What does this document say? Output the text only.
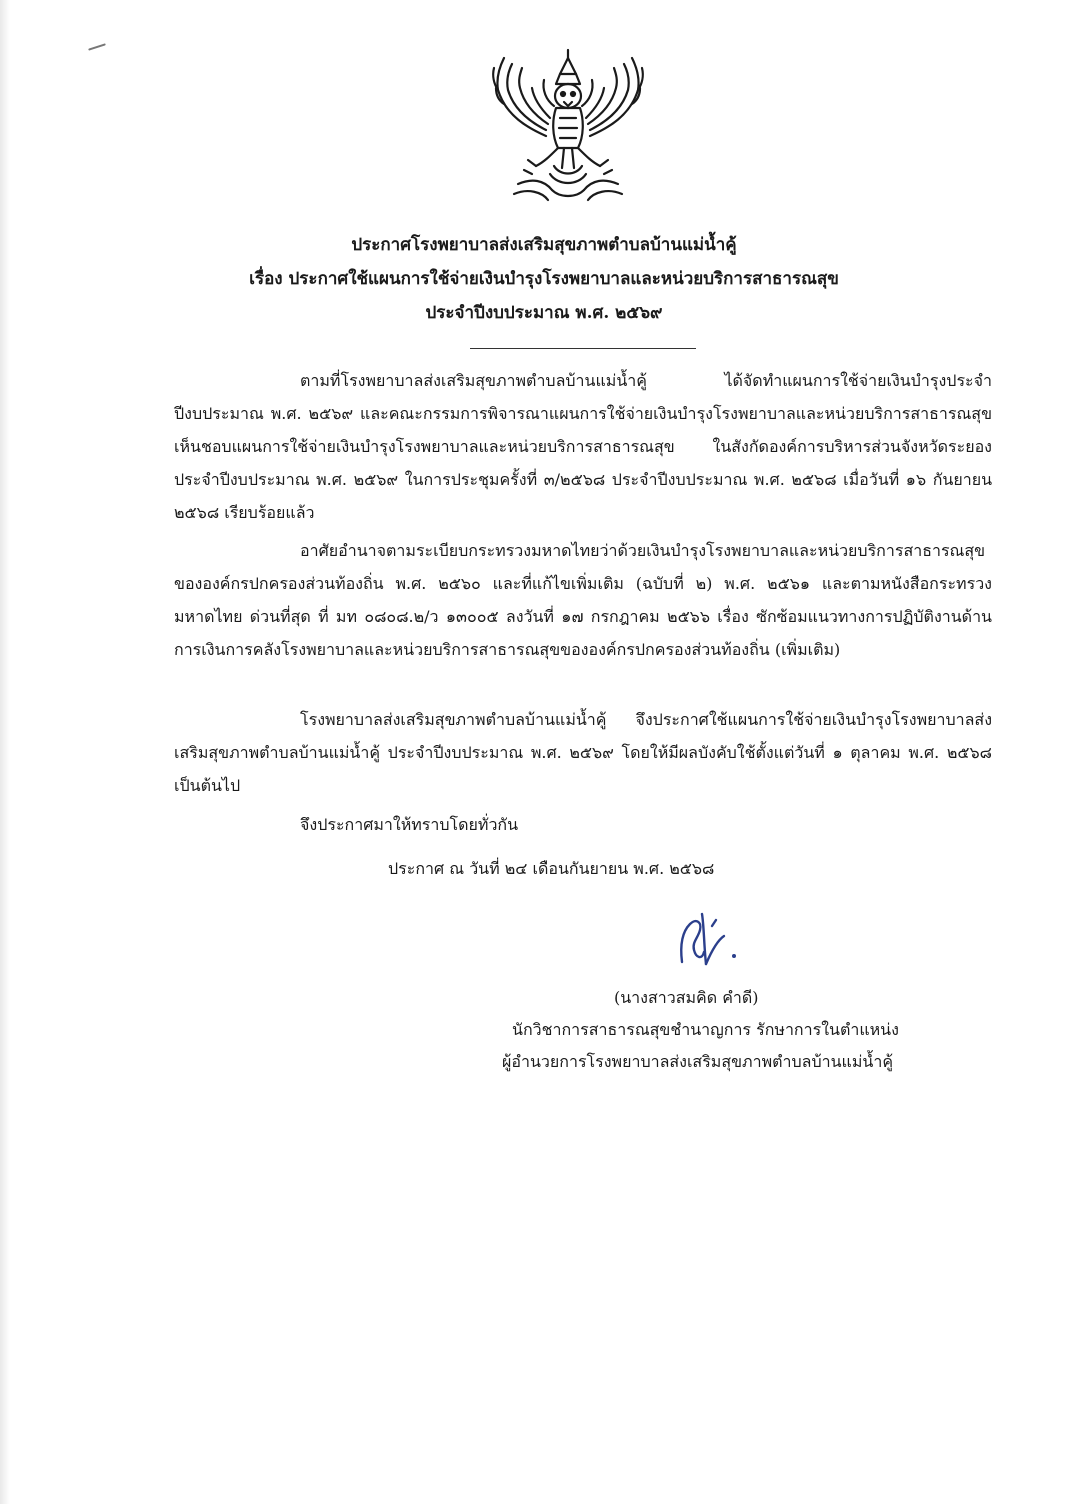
ประกาศโรงพยาบาลส่งเสริมสุขภาพตำบลบ้านแม่น้ำคู้
เรื่อง ประกาศใช้แผนการใช้จ่ายเงินบำรุงโรงพยาบาลและหน่วยบริการสาธารณสุข
ประจำปีงบประมาณ พ.ศ. ๒๕๖๙

ตามที่โรงพยาบาลส่งเสริมสุขภาพตำบลบ้านแม่น้ำคู้ ได้จัดทำแผนการใช้จ่ายเงินบำรุงประจำปีงบประมาณ พ.ศ. ๒๕๖๙ และคณะกรรมการพิจารณาแผนการใช้จ่ายเงินบำรุงโรงพยาบาลและหน่วยบริการสาธารณสุขเห็นชอบแผนการใช้จ่ายเงินบำรุงโรงพยาบาลและหน่วยบริการสาธารณสุข ในสังกัดองค์การบริหารส่วนจังหวัดระยอง ประจำปีงบประมาณ พ.ศ. ๒๕๖๙ ในการประชุมครั้งที่ ๓/๒๕๖๘ ประจำปีงบประมาณ พ.ศ. ๒๕๖๘ เมื่อวันที่ ๑๖ กันยายน ๒๕๖๘ เรียบร้อยแล้ว

อาศัยอำนาจตามระเบียบกระทรวงมหาดไทยว่าด้วยเงินบำรุงโรงพยาบาลและหน่วยบริการสาธารณสุขขององค์กรปกครองส่วนท้องถิ่น พ.ศ. ๒๕๖๐ และที่แก้ไขเพิ่มเติม (ฉบับที่ ๒) พ.ศ. ๒๕๖๑ และตามหนังสือกระทรวงมหาดไทย ด่วนที่สุด ที่ มท ๐๘๐๘.๒/ว ๑๓๐๐๕ ลงวันที่ ๑๗ กรกฎาคม ๒๕๖๖ เรื่อง ซักซ้อมแนวทางการปฏิบัติงานด้านการเงินการคลังโรงพยาบาลและหน่วยบริการสาธารณสุขขององค์กรปกครองส่วนท้องถิ่น (เพิ่มเติม)

โรงพยาบาลส่งเสริมสุขภาพตำบลบ้านแม่น้ำคู้ จึงประกาศใช้แผนการใช้จ่ายเงินบำรุงโรงพยาบาลส่งเสริมสุขภาพตำบลบ้านแม่น้ำคู้ ประจำปีงบประมาณ พ.ศ. ๒๕๖๙ โดยให้มีผลบังคับใช้ตั้งแต่วันที่ ๑ ตุลาคม พ.ศ. ๒๕๖๘ เป็นต้นไป

จึงประกาศมาให้ทราบโดยทั่วกัน
ประกาศ ณ วันที่ ๒๔ เดือนกันยายน พ.ศ. ๒๕๖๘
(นางสาวสมคิด คำดี)
นักวิชาการสาธารณสุขชำนาญการ รักษาการในตำแหน่ง
ผู้อำนวยการโรงพยาบาลส่งเสริมสุขภาพตำบลบ้านแม่น้ำคู้
